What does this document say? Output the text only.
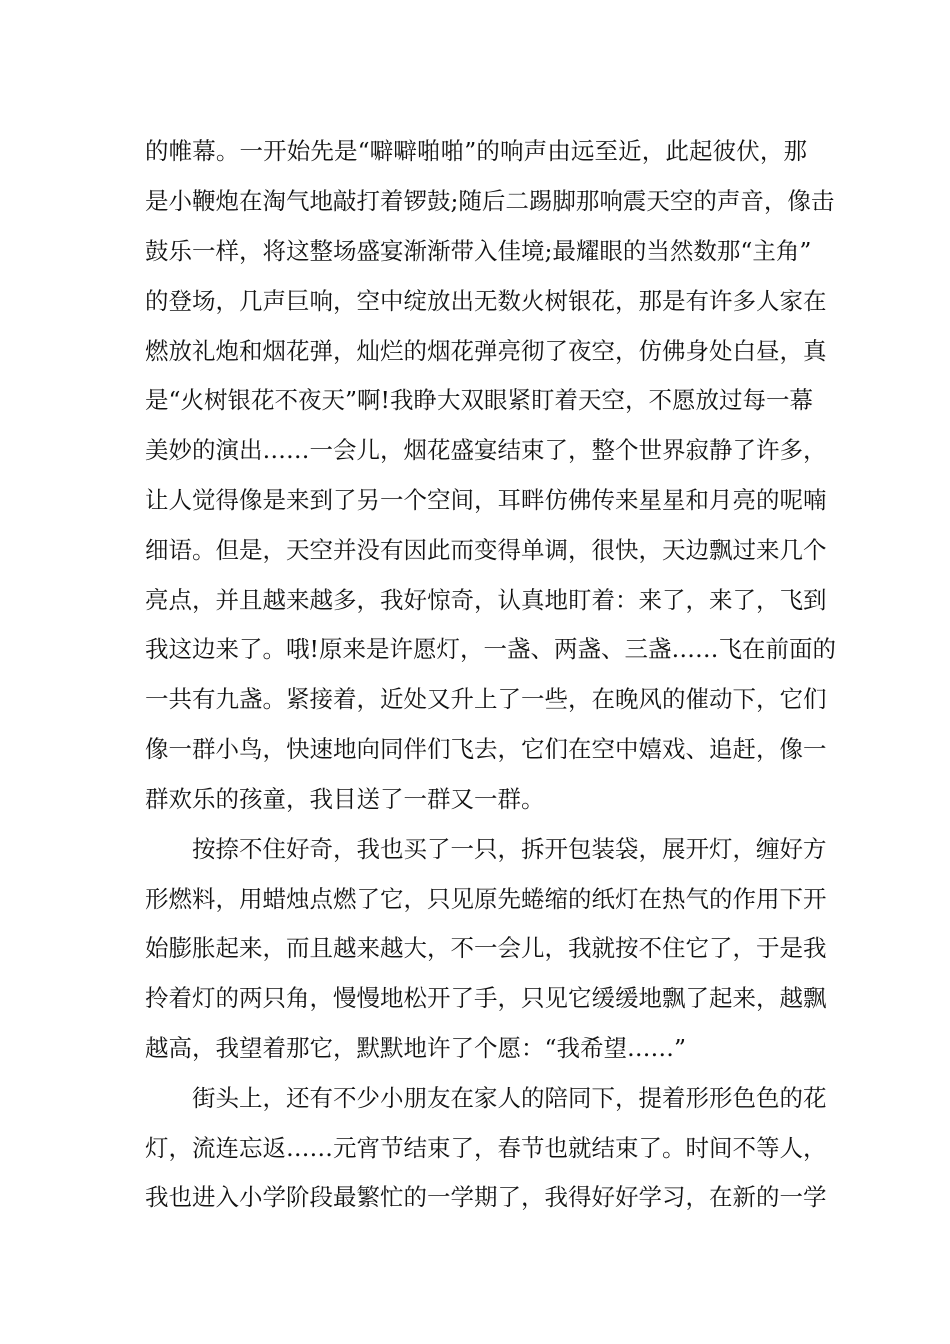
的帷幕。一开始先是“噼噼啪啪”的响声由远至近，此起彼伏，那
是小鞭炮在淘气地敲打着锣鼓;随后二踢脚那响震天空的声音，像击
鼓乐一样，将这整场盛宴渐渐带入佳境;最耀眼的当然数那“主角”
的登场，几声巨响，空中绽放出无数火树银花，那是有许多人家在
燃放礼炮和烟花弹，灿烂的烟花弹亮彻了夜空，仿佛身处白昼，真
是“火树银花不夜天”啊!我睁大双眼紧盯着天空，不愿放过每一幕
美妙的演出……一会儿，烟花盛宴结束了，整个世界寂静了许多，
让人觉得像是来到了另一个空间，耳畔仿佛传来星星和月亮的呢喃
细语。但是，天空并没有因此而变得单调，很快，天边飘过来几个
亮点，并且越来越多，我好惊奇，认真地盯着：来了，来了，飞到
我这边来了。哦!原来是许愿灯，一盏、两盏、三盏……飞在前面的
一共有九盏。紧接着，近处又升上了一些，在晚风的催动下，它们
像一群小鸟，快速地向同伴们飞去，它们在空中嬉戏、追赶，像一
群欢乐的孩童，我目送了一群又一群。
按捺不住好奇，我也买了一只，拆开包装袋，展开灯，缠好方
形燃料，用蜡烛点燃了它，只见原先蜷缩的纸灯在热气的作用下开
始膨胀起来，而且越来越大，不一会儿，我就按不住它了，于是我
拎着灯的两只角，慢慢地松开了手，只见它缓缓地飘了起来，越飘
越高，我望着那它，默默地许了个愿：“我希望……”
街头上，还有不少小朋友在家人的陪同下，提着形形色色的花
灯，流连忘返……元宵节结束了，春节也就结束了。时间不等人，
我也进入小学阶段最繁忙的一学期了，我得好好学习，在新的一学
